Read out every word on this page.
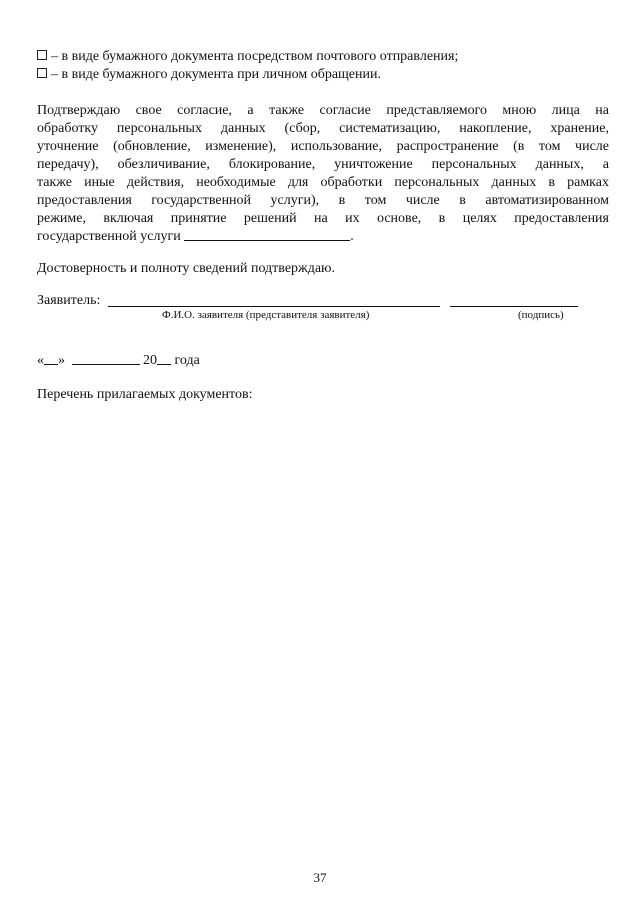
– в виде бумажного документа посредством почтового отправления;
– в виде бумажного документа при личном обращении.
Подтверждаю свое согласие, а также согласие представляемого мною лица на
обработку персональных данных (сбор, систематизацию, накопление, хранение,
уточнение (обновление, изменение), использование, распространение (в том числе
передачу), обезличивание, блокирование, уничтожение персональных данных, а
также иные действия, необходимые для обработки персональных данных в рамках
предоставления государственной услуги), в том числе в автоматизированном
режиме, включая принятие решений на их основе, в целях предоставления
государственной услуги	.
Достоверность и полноту сведений подтверждаю.
Заявитель:
Ф.И.О. заявителя (представителя заявителя)	(подпись)
« »	20 года
Перечень прилагаемых документов:
37
